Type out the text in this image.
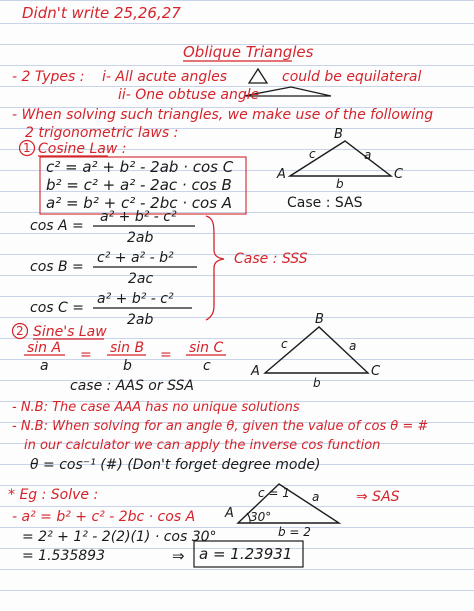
Didn't write 25,26,27
Oblique Triangles
- 2 Types : i- All acute angles	could be equilateral
ii- One obtuse angle
- When solving such triangles, we make use of the following
2 trigonometric laws :
1 Cosine Law :
c² = a² + b² - 2ab · cos C
b² = c² + a² - 2ac · cos B
a² = b² + c² - 2bc · cos A
B
A	C
a
b
c
Case : SAS
cos A =
a² + b² - c²
2ab
cos B =
c² + a² - b²
2ac
cos C =
a² + b² - c²
2ab
Case : SSS
2 Sine's Law
sin A
a
= sin B
b
= sin C
c
case : AAS or SSA
B
A	C
a
b
c
- N.B: The case AAA has no unique solutions
- N.B: When solving for an angle θ, given the value of cos θ = #
in our calculator we can apply the inverse cos function
θ = cos⁻¹ (#) (Don't forget degree mode)
* Eg : Solve :
- a² = b² + c² - 2bc · cos A
= 2² + 1² - 2(2)(1) · cos 30°
= 1.535893	⇒ a = 1.23931
⇒ SAS
c = 1 a
A 30°
b = 2
